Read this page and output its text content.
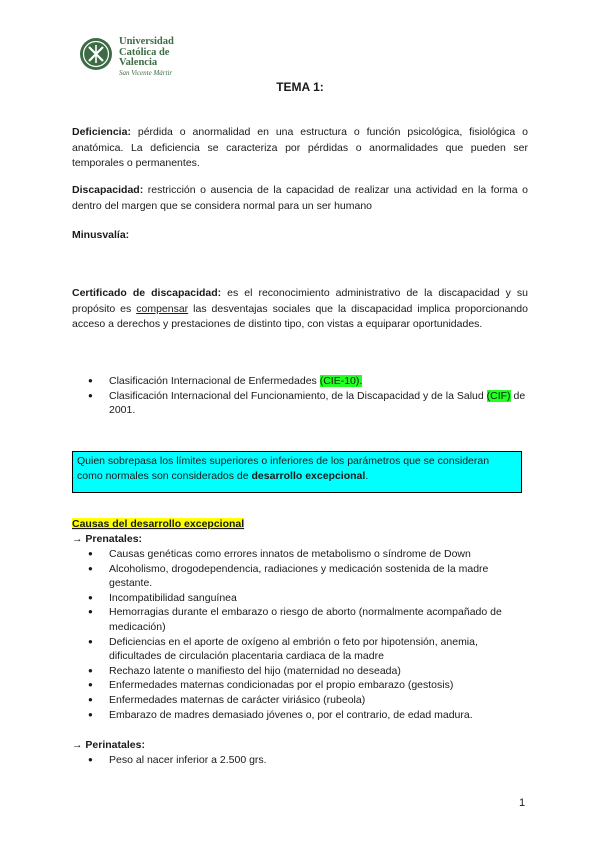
Universidad
Católica de
Valencia
San Vicente Mártir
TEMA 1:
Deficiencia: pérdida o anormalidad en una estructura o función psicológica, fisiológica o anatómica. La deficiencia se caracteriza por pérdidas o anormalidades que pueden ser temporales o permanentes.
Discapacidad: restricción o ausencia de la capacidad de realizar una actividad en la forma o dentro del margen que se considera normal para un ser humano
Minusvalía:
Certificado de discapacidad: es el reconocimiento administrativo de la discapacidad y su propósito es compensar las desventajas sociales que la discapacidad implica proporcionando acceso a derechos y prestaciones de distinto tipo, con vistas a equiparar oportunidades.
● Clasificación Internacional de Enfermedades (CIE-10).
● Clasificación Internacional del Funcionamiento, de la Discapacidad y de la Salud (CIF) de 2001.
Quien sobrepasa los límites superiores o inferiores de los parámetros que se consideran como normales son considerados de desarrollo excepcional.
Causas del desarrollo excepcional
→ Prenatales:
● Causas genéticas como errores innatos de metabolismo o síndrome de Down
● Alcoholismo, drogodependencia, radiaciones y medicación sostenida de la madre gestante.
● Incompatibilidad sanguínea
● Hemorragias durante el embarazo o riesgo de aborto (normalmente acompañado de medicación)
● Deficiencias en el aporte de oxígeno al embrión o feto por hipotensión, anemia, dificultades de circulación placentaria cardiaca de la madre
● Rechazo latente o manifiesto del hijo (maternidad no deseada)
● Enfermedades maternas condicionadas por el propio embarazo (gestosis)
● Enfermedades maternas de carácter viriásico (rubeola)
● Embarazo de madres demasiado jóvenes o, por el contrario, de edad madura.
→ Perinatales:
● Peso al nacer inferior a 2.500 grs.
1
